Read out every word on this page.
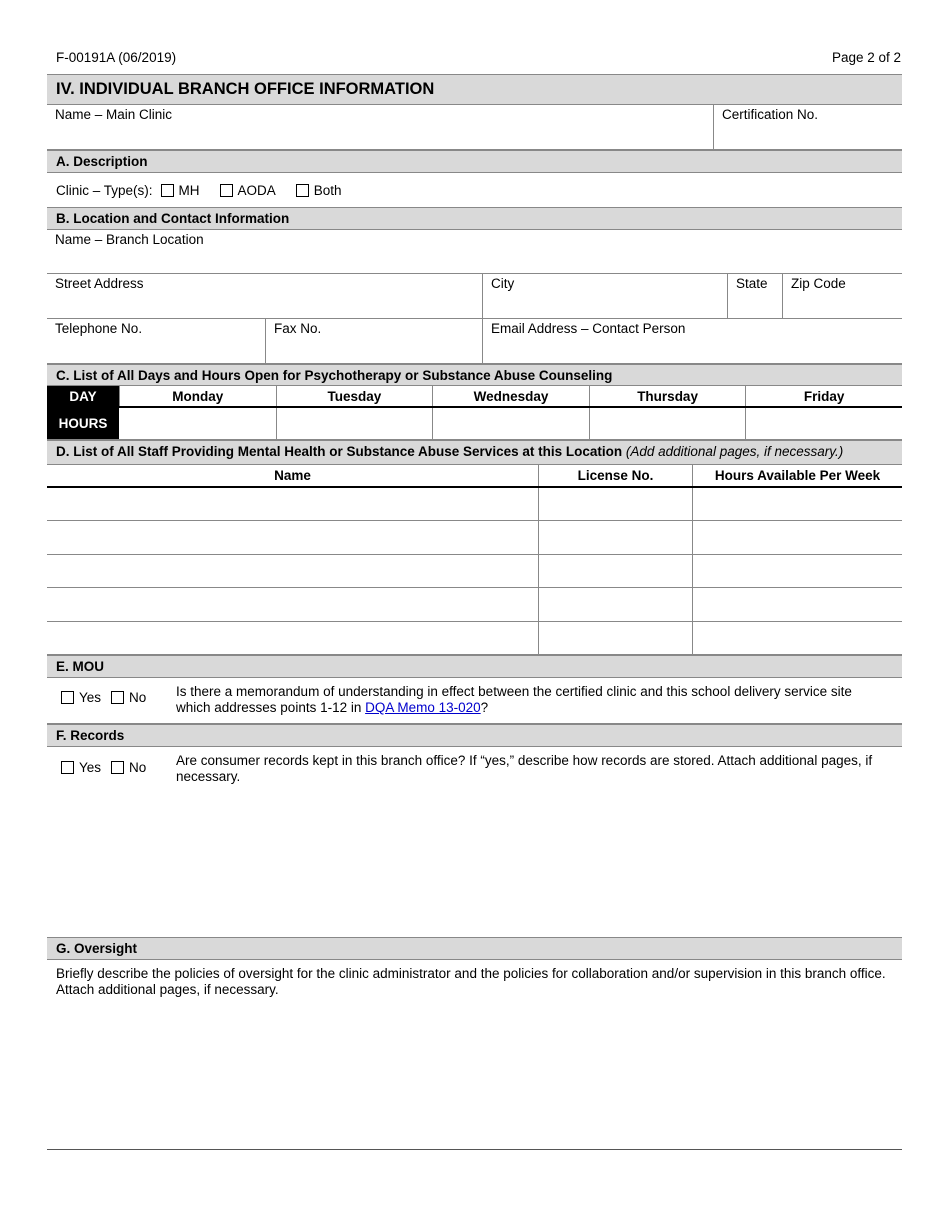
F-00191A (06/2019)	Page 2 of 2
IV. INDIVIDUAL BRANCH OFFICE INFORMATION
Name – Main Clinic	Certification No.
A. Description
Clinic – Type(s):	MH	AODA	Both
B. Location and Contact Information
Name – Branch Location
Street Address	City	State	Zip Code
Telephone No.	Fax No.	Email Address – Contact Person
C. List of All Days and Hours Open for Psychotherapy or Substance Abuse Counseling
DAY	Monday	Tuesday	Wednesday	Thursday	Friday
HOURS
D. List of All Staff Providing Mental Health or Substance Abuse Services at this Location (Add additional pages, if necessary.)
Name	License No.	Hours Available Per Week
E. MOU
Yes	No Is there a memorandum of understanding in effect between the certified clinic and this school delivery service site which addresses points 1-12 in DQA Memo 13-020?
F. Records
Yes	No Are consumer records kept in this branch office? If “yes,” describe how records are stored. Attach additional pages, if necessary.
G. Oversight
Briefly describe the policies of oversight for the clinic administrator and the policies for collaboration and/or supervision in this branch office. Attach additional pages, if necessary.
